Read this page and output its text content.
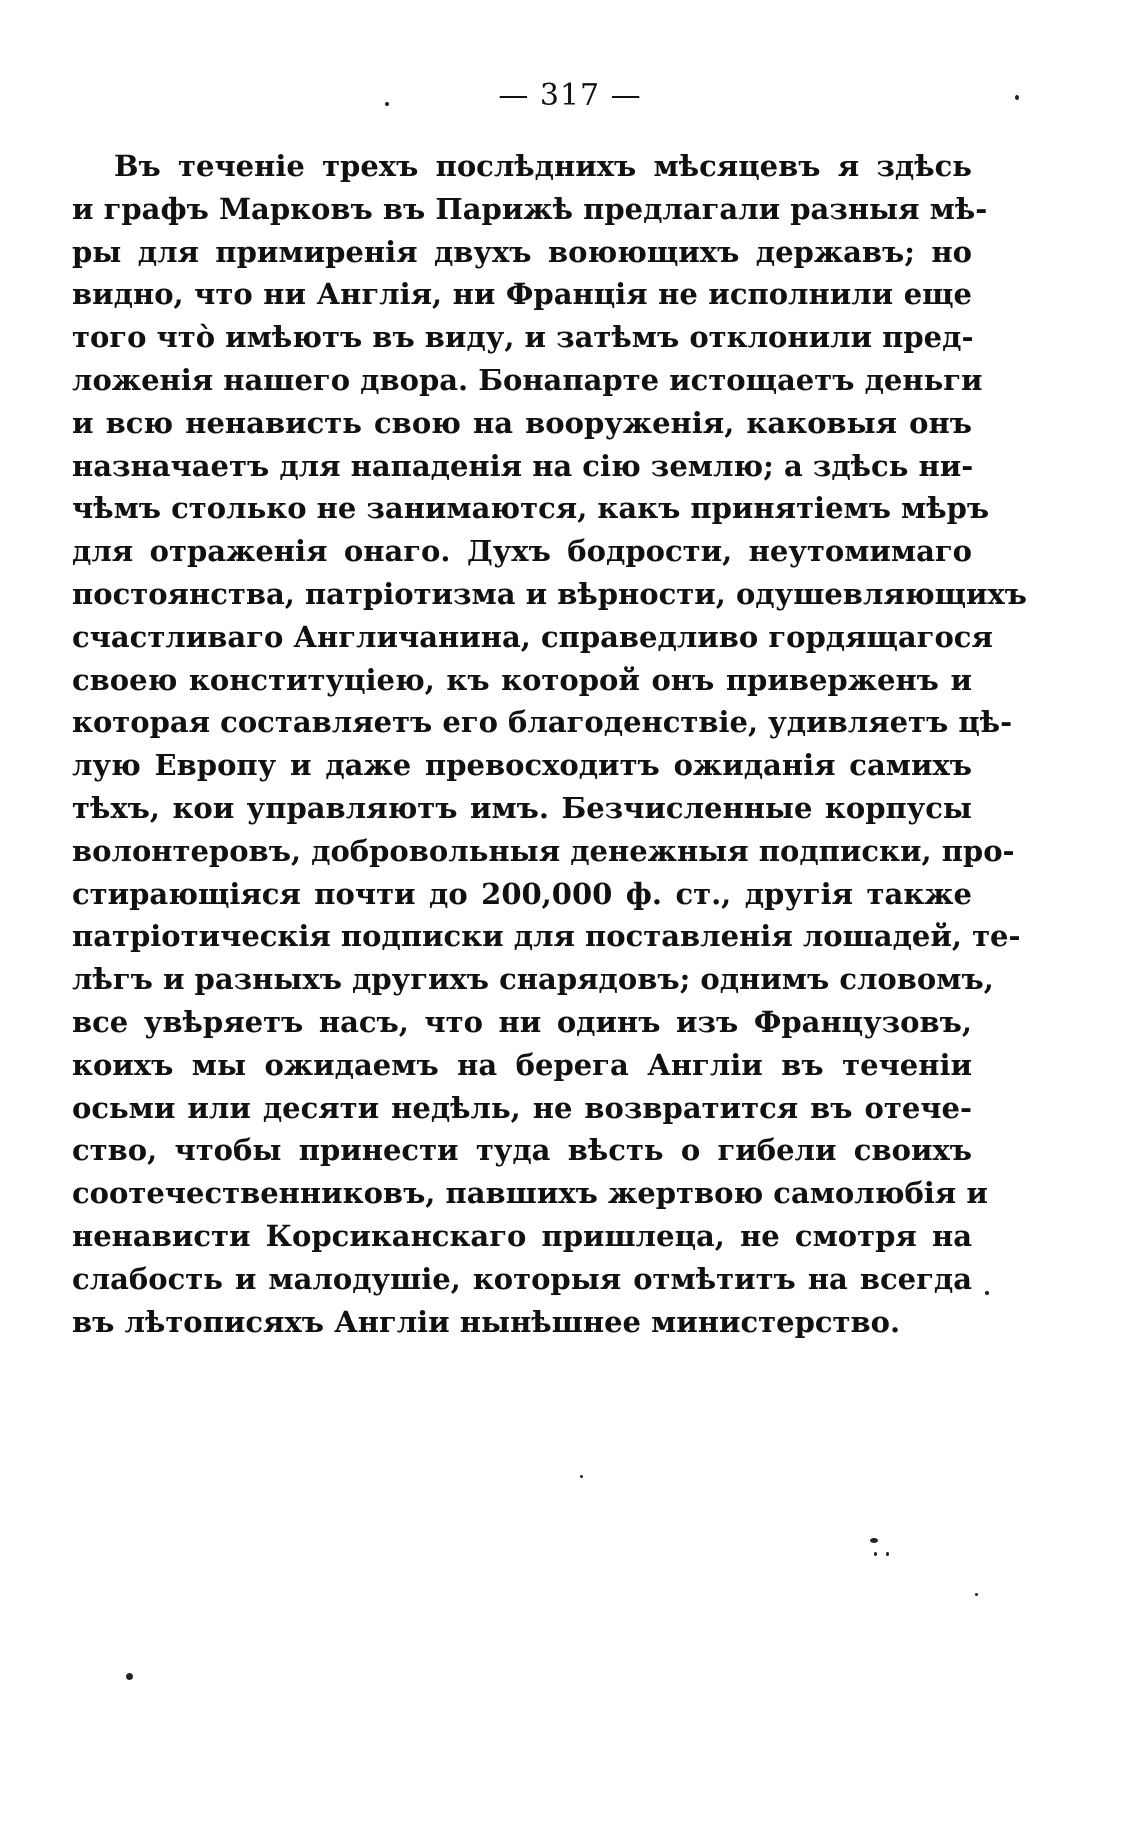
— 317 —
Въ теченіе трехъ послѣднихъ мѣсяцевъ я здѣсь
и графъ Марковъ въ Парижѣ предлагали разныя мѣ-
ры для примиренія двухъ воюющихъ державъ; но
видно, что ни Англія, ни Франція не исполнили еще
того что̀ имѣютъ въ виду, и затѣмъ отклонили пред-
ложенія нашего двора. Бонапарте истощаетъ деньги
и всю ненависть свою на вооруженія, каковыя онъ
назначаетъ для нападенія на сію землю; а здѣсь ни-
чѣмъ столько не занимаются, какъ принятіемъ мѣръ
для отраженія онаго. Духъ бодрости, неутомимаго
постоянства, патріотизма и вѣрности, одушевляющихъ
счастливаго Англичанина, справедливо гордящагося
своею конституціею, къ которой онъ приверженъ и
которая составляетъ его благоденствіе, удивляетъ цѣ-
лую Европу и даже превосходитъ ожиданія самихъ
тѣхъ, кои управляютъ имъ. Безчисленные корпусы
волонтеровъ, добровольныя денежныя подписки, про-
стирающіяся почти до 200,000 ф. ст., другія также
патріотическія подписки для поставленія лошадей, те-
лѣгъ и разныхъ другихъ снарядовъ; однимъ словомъ,
все увѣряетъ насъ, что ни одинъ изъ Французовъ,
коихъ мы ожидаемъ на берега Англіи въ теченіи
осьми или десяти недѣль, не возвратится въ отече-
ство, чтобы принести туда вѣсть о гибели своихъ
соотечественниковъ, павшихъ жертвою самолюбія и
ненависти Корсиканскаго пришлеца, не смотря на
слабость и малодушіе, которыя отмѣтитъ на всегда
въ лѣтописяхъ Англіи нынѣшнее министерство.
